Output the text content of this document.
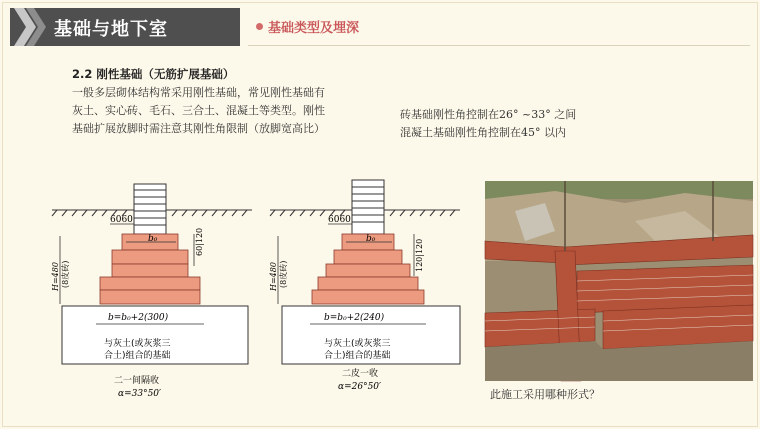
基础与地下室	基础类型及埋深
2.2 刚性基础（无筋扩展基础）
一般多层砌体结构常采用刚性基础，常见刚性基础有
灰土、实心砖、毛石、三合土、混凝土等类型。刚性
基础扩展放脚时需注意其刚性角限制（放脚宽高比）
砖基础刚性角控制在26° ~33° 之间
混凝土基础刚性角控制在45° 以内
6060
60|120
b₀
H=480 (8皮砖)
b=b₀+2(300)
与灰土(或灰浆三
合土)组合的基础
二一间隔收
α=33°50′
6060
120|120
b₀
H=480 (8皮砖)
b=b₀+2(240)
与灰土(或灰浆三
合土)组合的基础
二皮一收
α=26°50′
此施工采用哪种形式？
